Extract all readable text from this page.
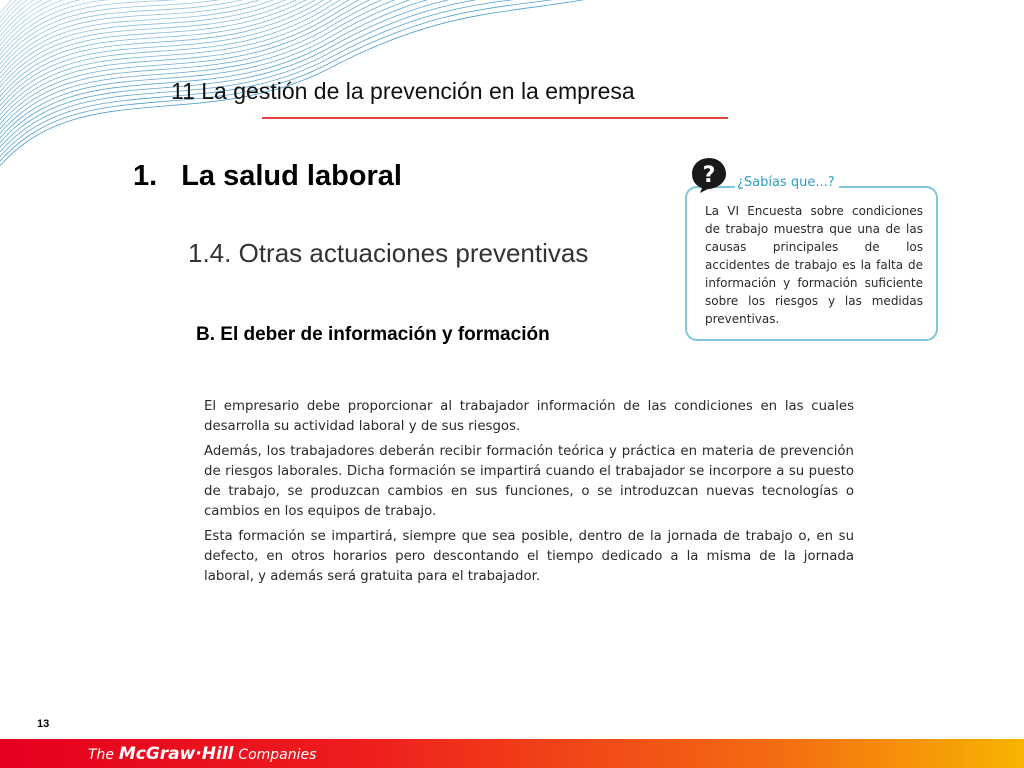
11 La gestión de la prevención en la empresa
1. La salud laboral
1.4. Otras actuaciones preventivas
B. El deber de información y formación

El empresario debe proporcionar al trabajador información de las condiciones en las cuales desarrolla su actividad laboral y de sus riesgos.

Además, los trabajadores deberán recibir formación teórica y práctica en materia de prevención de riesgos laborales. Dicha formación se impartirá cuando el trabajador se incorpore a su puesto de trabajo, se produzcan cambios en sus funciones, o se introduzcan nuevas tecnologías o cambios en los equipos de trabajo.

Esta formación se impartirá, siempre que sea posible, dentro de la jornada de trabajo o, en su defecto, en otros horarios pero descontando el tiempo dedicado a la misma de la jornada laboral, y además será gratuita para el trabajador.

¿Sabías que...?
La VI Encuesta sobre condiciones de trabajo muestra que una de las causas principales de los accidentes de trabajo es la falta de información y formación suficiente sobre los riesgos y las medidas preventivas.
?
13
The McGraw·Hill Companies
